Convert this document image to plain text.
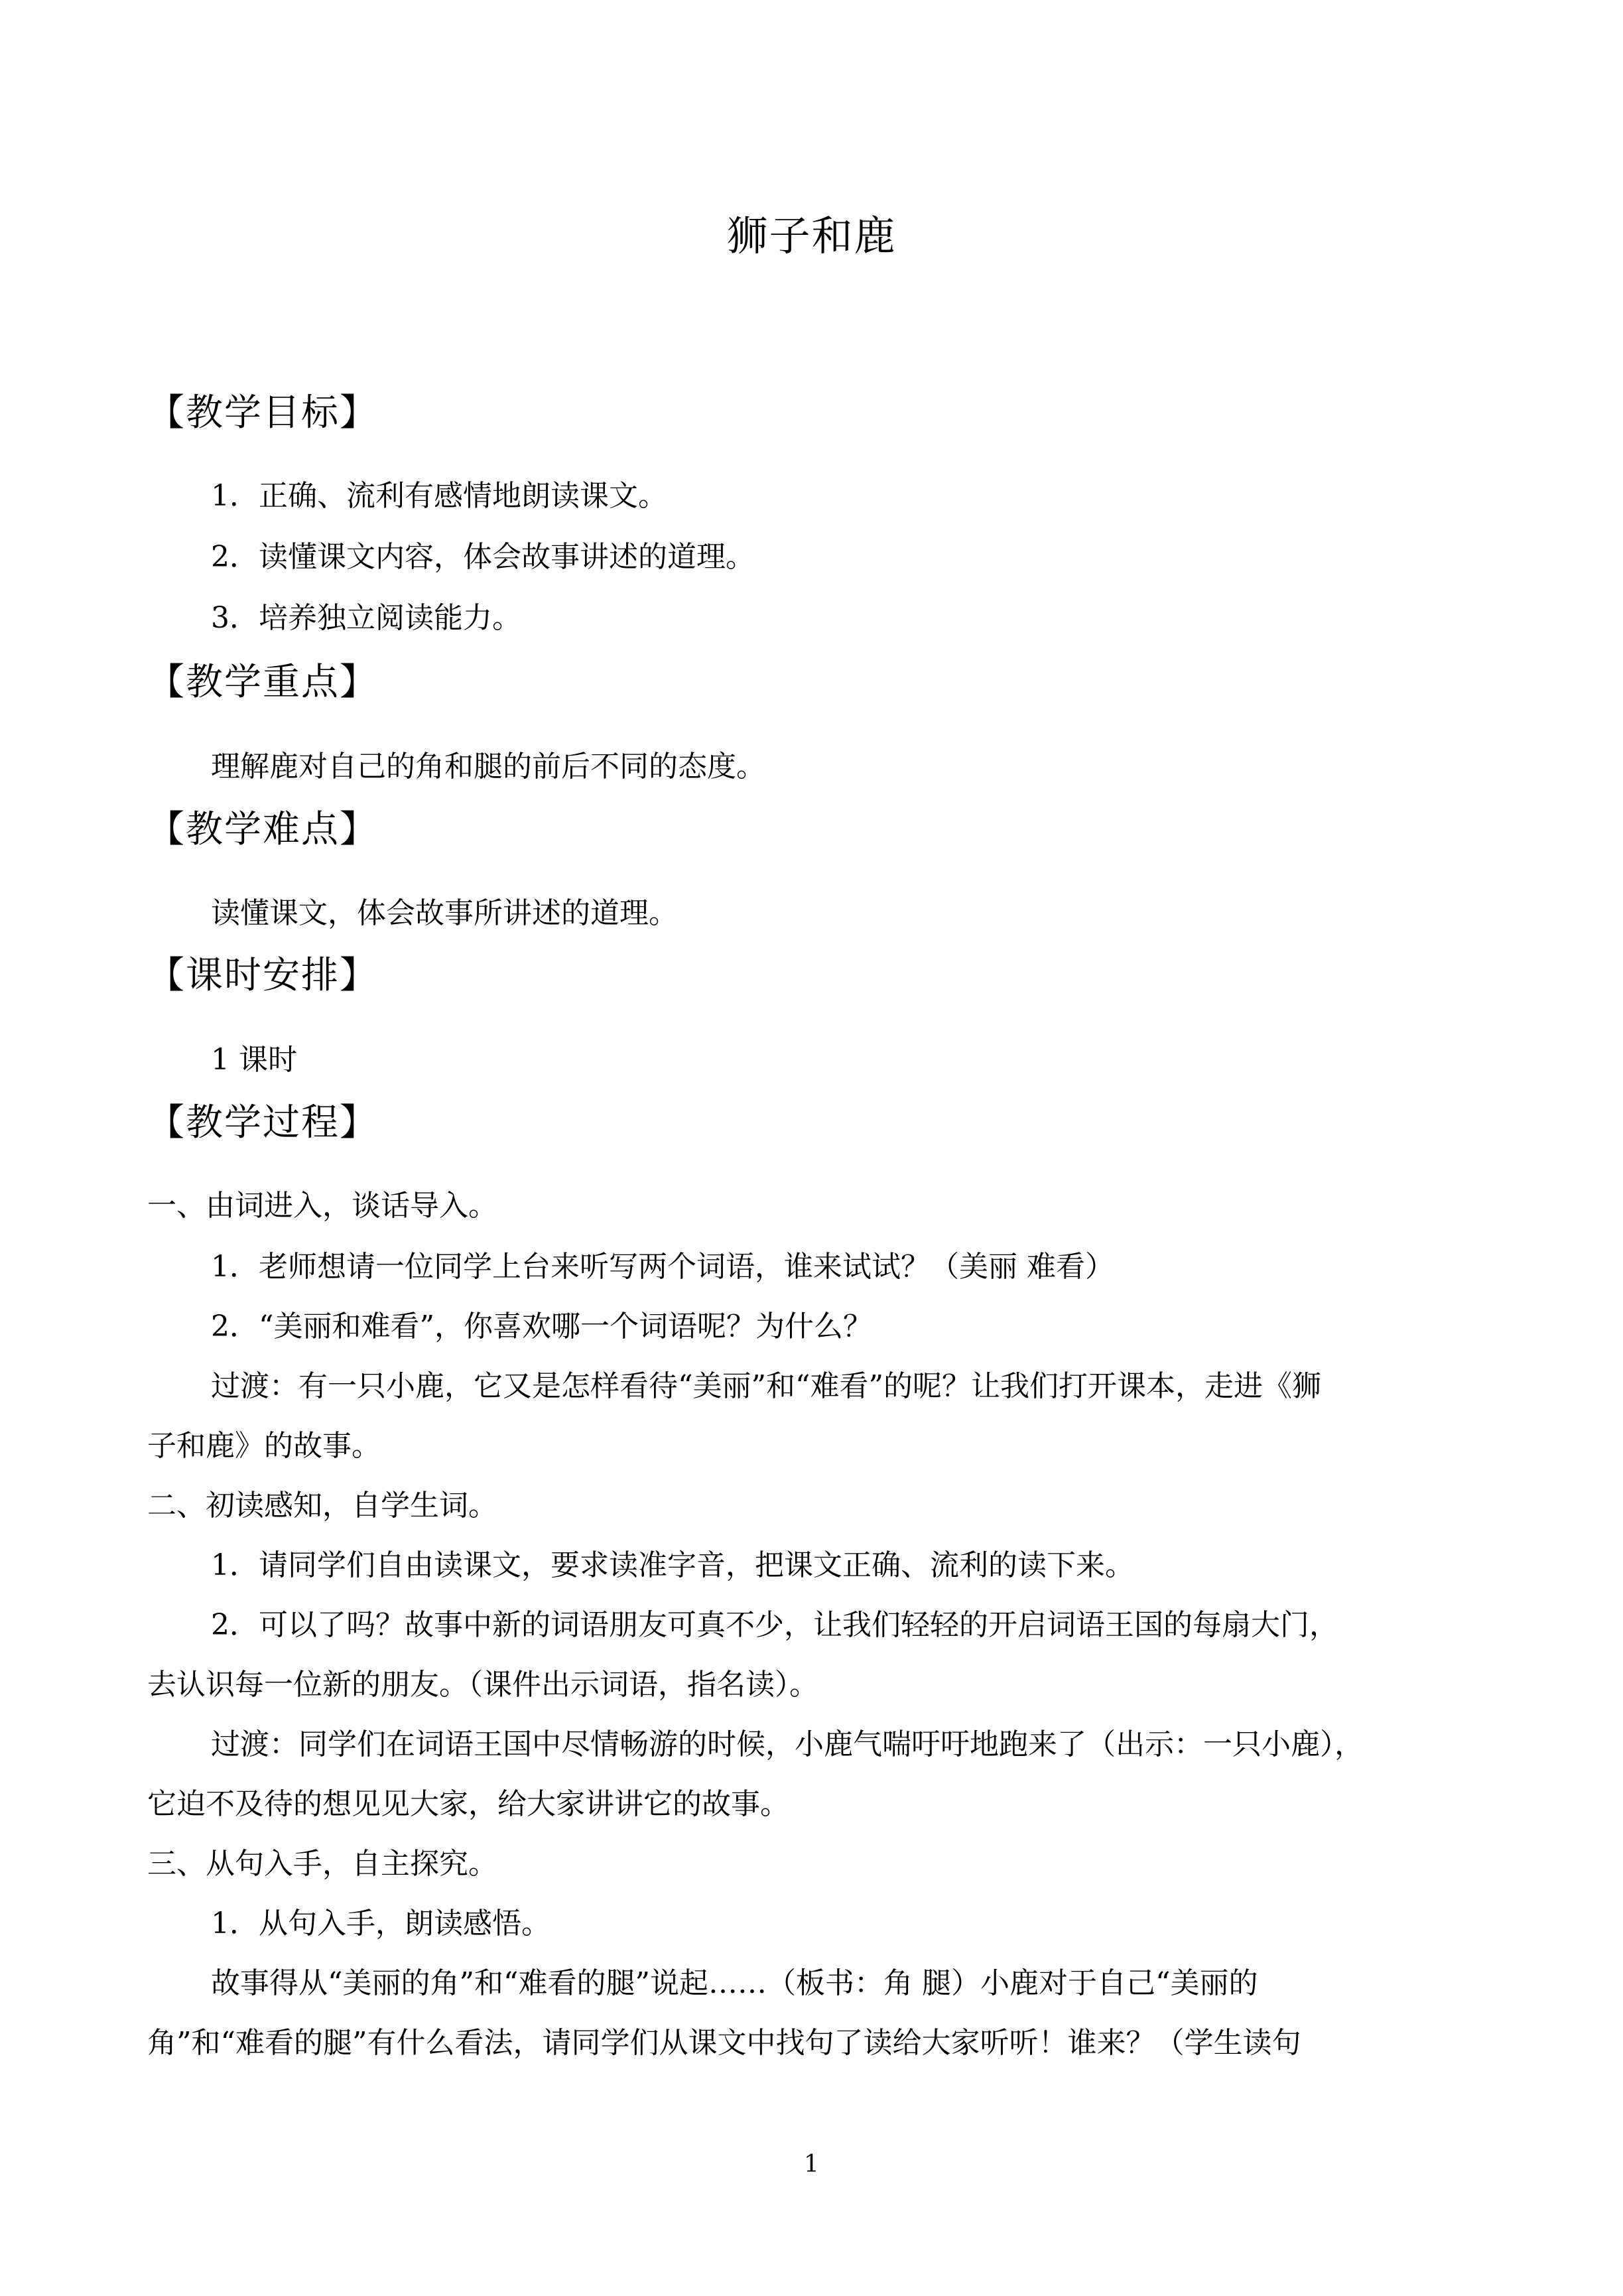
狮子和鹿
【教学目标】
1．正确、流利有感情地朗读课文。
2．读懂课文内容，体会故事讲述的道理。
3．培养独立阅读能力。
【教学重点】
理解鹿对自己的角和腿的前后不同的态度。
【教学难点】
读懂课文，体会故事所讲述的道理。
【课时安排】
1 课时
【教学过程】
一、由词进入，谈话导入。
1．老师想请一位同学上台来听写两个词语，谁来试试？（美丽 难看）
2．“美丽和难看”，你喜欢哪一个词语呢？为什么？
过渡：有一只小鹿，它又是怎样看待“美丽”和“难看”的呢？让我们打开课本，走进《狮
子和鹿》的故事。
二、初读感知，自学生词。
1．请同学们自由读课文，要求读准字音，把课文正确、流利的读下来。
2．可以了吗？故事中新的词语朋友可真不少，让我们轻轻的开启词语王国的每扇大门，
去认识每一位新的朋友。（课件出示词语，指名读）。
过渡：同学们在词语王国中尽情畅游的时候，小鹿气喘吁吁地跑来了（出示：一只小鹿），
它迫不及待的想见见大家，给大家讲讲它的故事。
三、从句入手，自主探究。
1．从句入手，朗读感悟。
故事得从“美丽的角”和“难看的腿”说起……（板书：角 腿）小鹿对于自己“美丽的
角”和“难看的腿”有什么看法，请同学们从课文中找句了读给大家听听！谁来？（学生读句
1
